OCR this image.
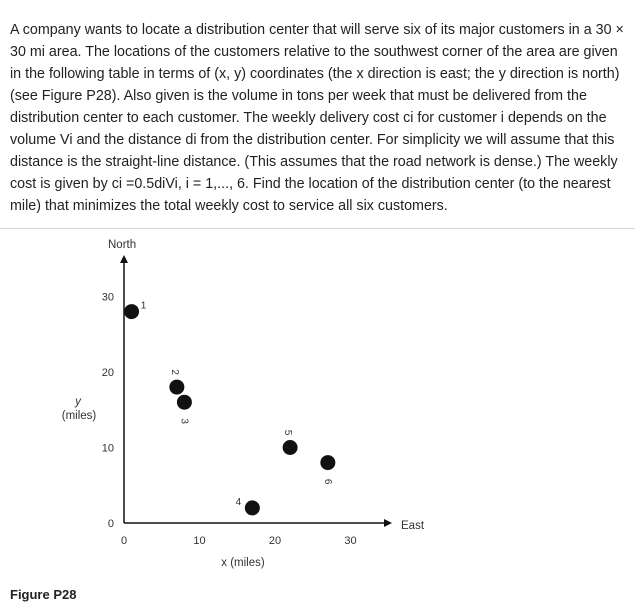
A company wants to locate a distribution center that will serve six of its major customers in a 30 × 30 mi area. The locations of the customers relative to the southwest corner of the area are given in the following table in terms of (x, y) coordinates (the x direction is east; the y direction is north) (see Figure P28). Also given is the volume in tons per week that must be delivered from the distribution center to each customer. The weekly delivery cost ci for customer i depends on the volume Vi and the distance di from the distribution center. For simplicity we will assume that this distance is the straight-line distance. (This assumes that the road network is dense.) The weekly cost is given by ci =0.5diVi, i = 1,..., 6. Find the location of the distribution center (to the nearest mile) that minimizes the total weekly cost to service all six customers.

North
East
y
(miles)
x (miles)
0	10	20	30
0
10
20
30
1
2
3
4
5
6
Figure P28
